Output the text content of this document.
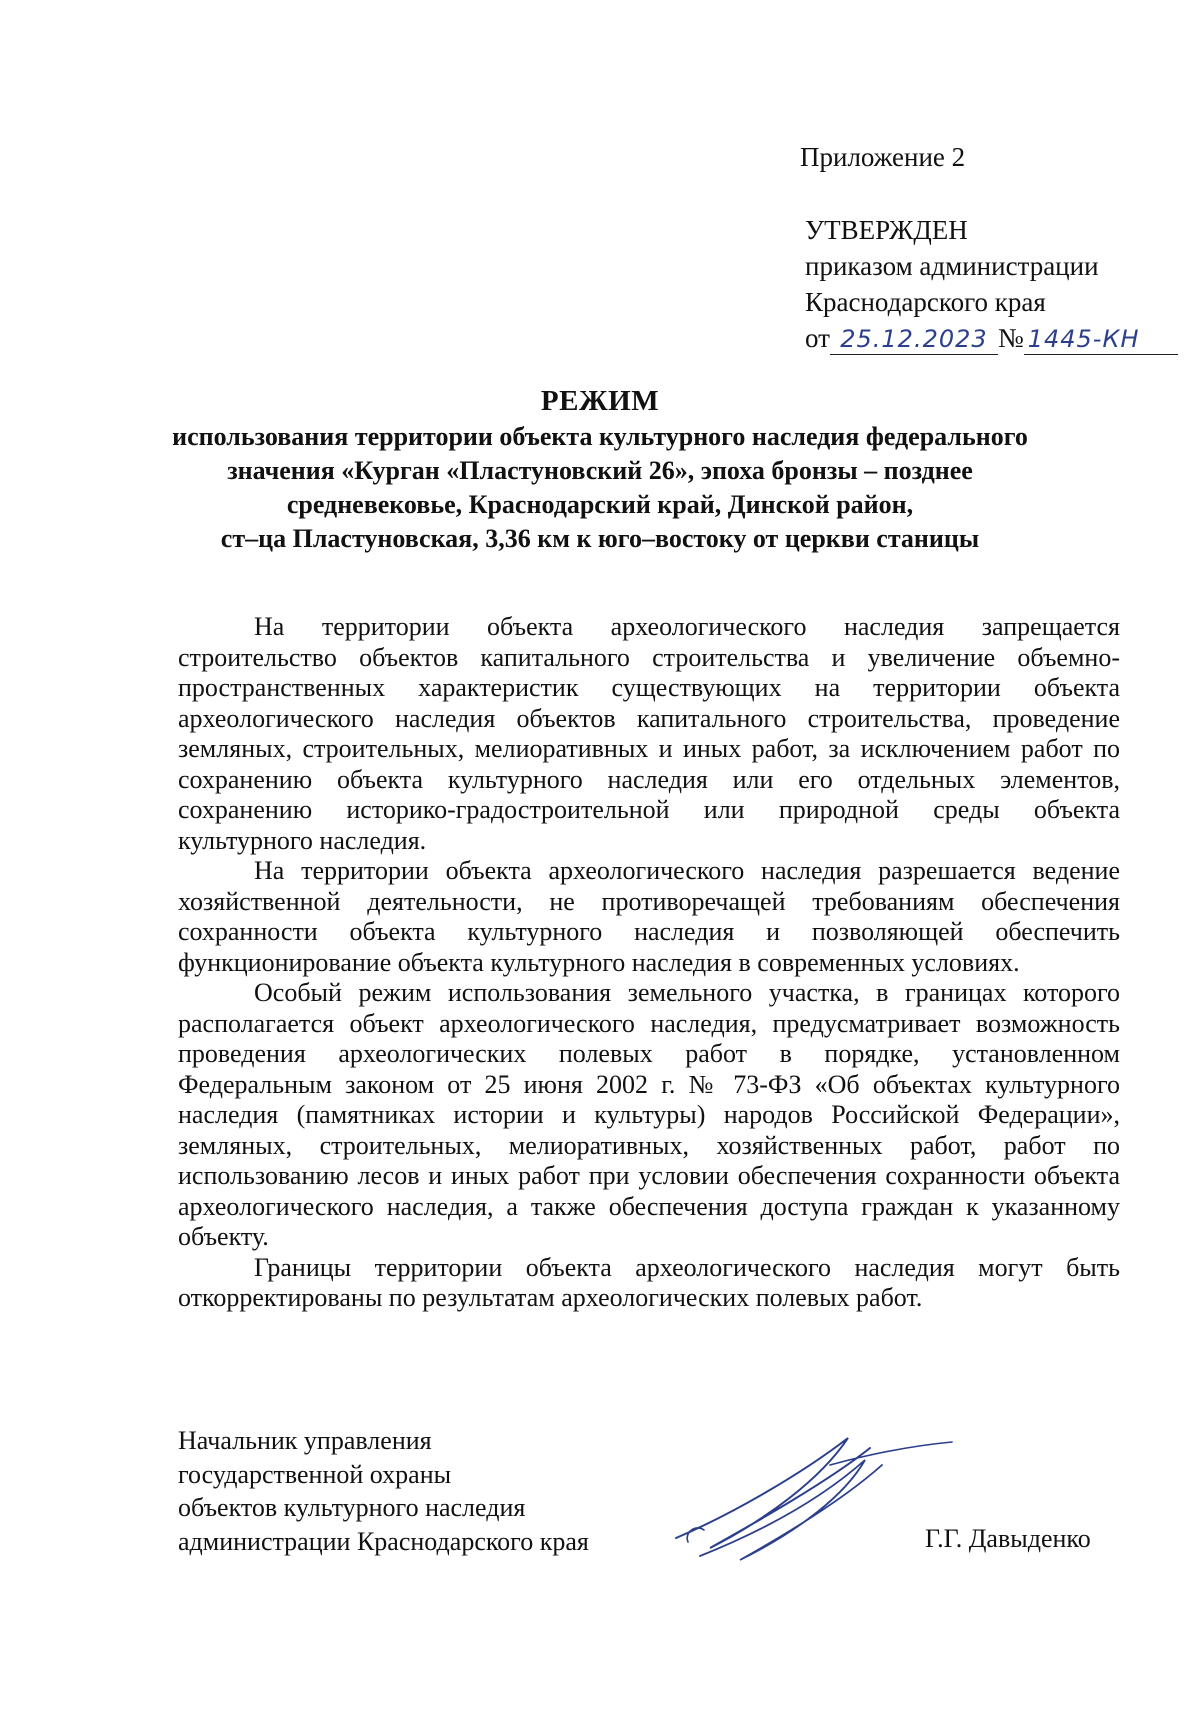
Приложение 2
УТВЕРЖДЕН
приказом администрации
Краснодарского края
от 25.12.2023 № 1445-КН
РЕЖИМ
использования территории объекта культурного наследия федерального
значения «Курган «Пластуновский 26», эпоха бронзы – позднее
средневековье, Краснодарский край, Динской район,
ст–ца Пластуновская, 3,36 км к юго–востоку от церкви станицы

На территории объекта археологического наследия запрещается строительство объектов капитального строительства и увеличение объемно-пространственных характеристик существующих на территории объекта археологического наследия объектов капитального строительства, проведение земляных, строительных, мелиоративных и иных работ, за исключением работ по сохранению объекта культурного наследия или его отдельных элементов, сохранению историко-градостроительной или природной среды объекта культурного наследия.

На территории объекта археологического наследия разрешается ведение хозяйственной деятельности, не противоречащей требованиям обеспечения сохранности объекта культурного наследия и позволяющей обеспечить функционирование объекта культурного наследия в современных условиях.

Особый режим использования земельного участка, в границах которого располагается объект археологического наследия, предусматривает возможность проведения археологических полевых работ в порядке, установленном Федеральным законом от 25 июня 2002 г. № 73-ФЗ «Об объектах культурного наследия (памятниках истории и культуры) народов Российской Федерации», земляных, строительных, мелиоративных, хозяйственных работ, работ по использованию лесов и иных работ при условии обеспечения сохранности объекта археологического наследия, а также обеспечения доступа граждан к указанному объекту.

Границы территории объекта археологического наследия могут быть откорректированы по результатам археологических полевых работ.

Начальник управления
государственной охраны
объектов культурного наследия
администрации Краснодарского края	Г.Г. Давыденко
